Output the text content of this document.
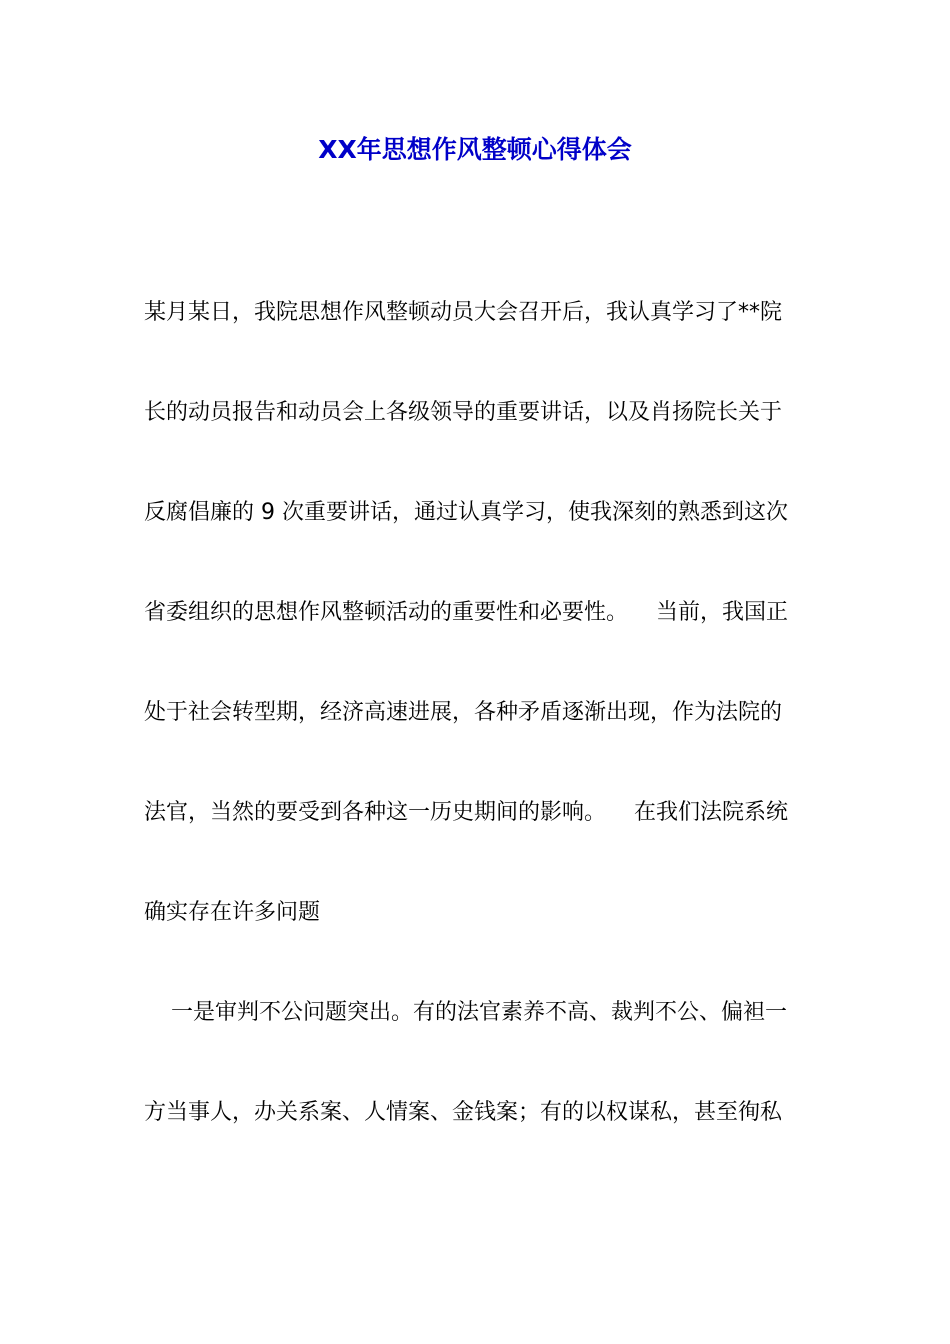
XX年思想作风整顿心得体会
某月某日，我院思想作风整顿动员大会召开后，我认真学习了**院
长的动员报告和动员会上各级领导的重要讲话，以及肖扬院长关于
反腐倡廉的 9 次重要讲话，通过认真学习，使我深刻的熟悉到这次
省委组织的思想作风整顿活动的重要性和必要性。    当前，我国正
处于社会转型期，经济高速进展，各种矛盾逐渐出现，作为法院的
法官，当然的要受到各种这一历史期间的影响。    在我们法院系统
确实存在许多问题
一是审判不公问题突出。有的法官素养不高、裁判不公、偏袒一
方当事人，办关系案、人情案、金钱案；有的以权谋私，甚至徇私
